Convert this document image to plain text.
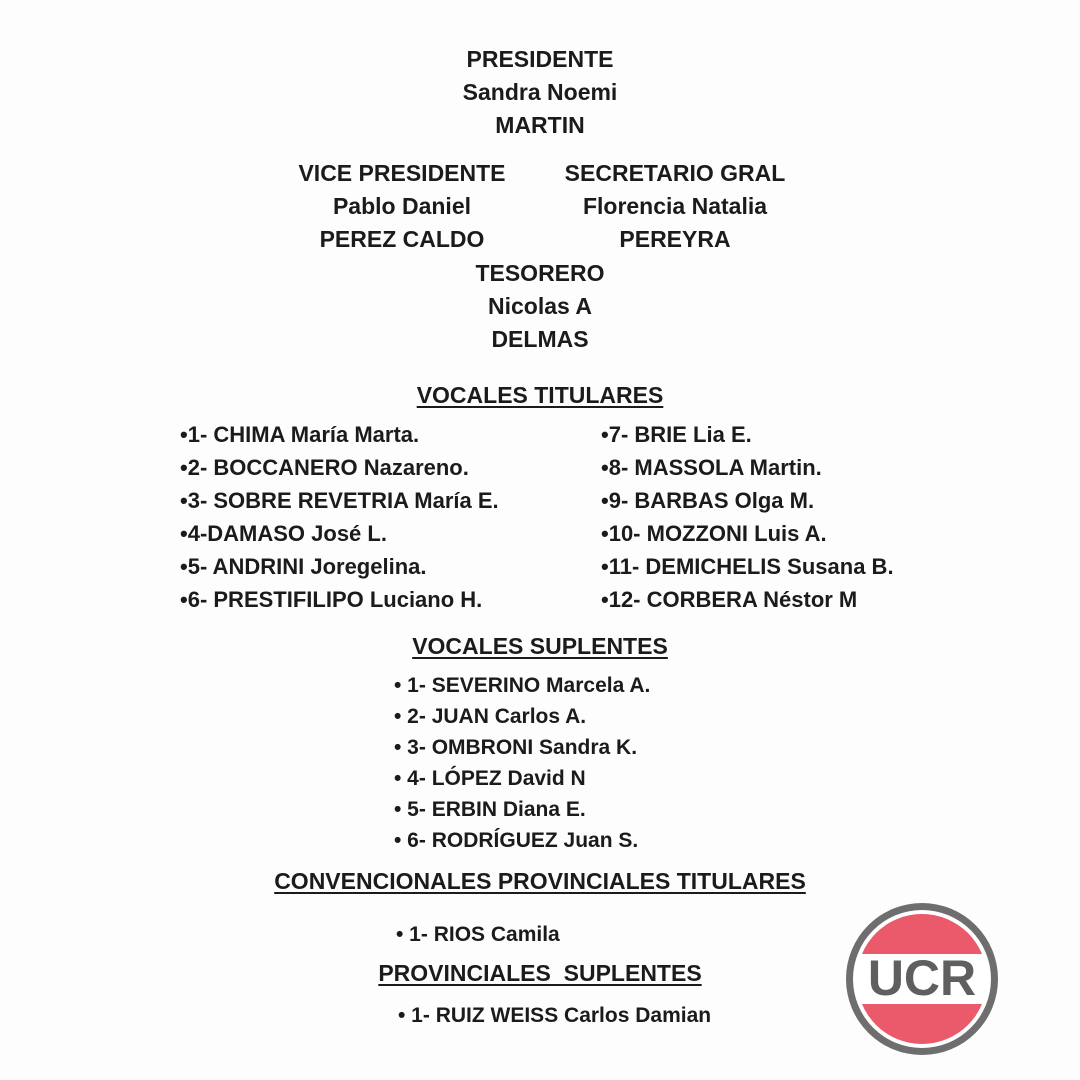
PRESIDENTE
Sandra Noemi
MARTIN
VICE PRESIDENTE
Pablo Daniel
PEREZ CALDO
SECRETARIO GRAL
Florencia Natalia
PEREYRA
TESORERO
Nicolas A
DELMAS
VOCALES TITULARES
•1- CHIMA María Marta.
•2- BOCCANERO Nazareno.
•3- SOBRE REVETRIA María E.
•4-DAMASO José L.
•5- ANDRINI Joregelina.
•6- PRESTIFILIPO Luciano H.
•7- BRIE Lia E.
•8- MASSOLA Martin.
•9- BARBAS Olga M.
•10- MOZZONI Luis A.
•11- DEMICHELIS Susana B.
•12- CORBERA Néstor M
VOCALES SUPLENTES
• 1- SEVERINO Marcela A.
• 2- JUAN Carlos A.
• 3- OMBRONI Sandra K.
• 4- LÓPEZ David N
• 5- ERBIN Diana E.
• 6- RODRÍGUEZ Juan S.
CONVENCIONALES PROVINCIALES TITULARES
• 1- RIOS Camila
PROVINCIALES  SUPLENTES
• 1- RUIZ WEISS Carlos Damian
UCR
